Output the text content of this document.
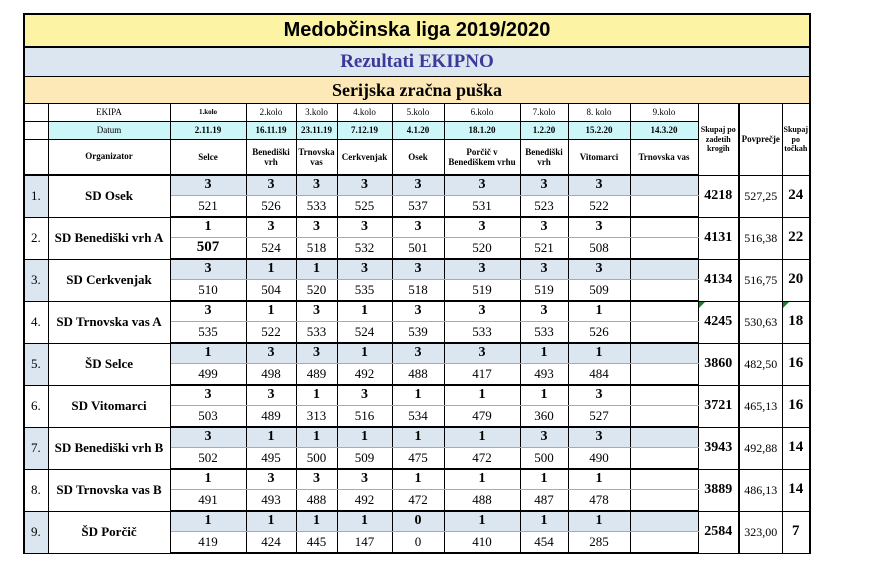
Medobčinska liga 2019/2020													
Rezultati EKIPNO													
Serijska zračna puška													
	EKIPA	1.kolo	2.kolo	3.kolo	4.kolo	5.kolo	6.kolo	7.kolo	8. kolo	9.kolo	Skupaj po zadetih krogih	Povprečje	Skupaj po točkah
	Datum	2.11.19	16.11.19	23.11.19	7.12.19	4.1.20	18.1.20	1.2.20	15.2.20	14.3.20			
	Organizator	Selce	Benediški vrh	Trnovska vas	Cerkvenjak	Osek	Porčič v Benediškem vrhu	Benediški vrh	Vitomarci	Trnovska vas			
1.	SD Osek	3	3	3	3	3	3	3	3		4218	527,25	24
		521	526	533	525	537	531	523	522				
2.	SD Benediški vrh A	1	3	3	3	3	3	3	3		4131	516,38	22
		507	524	518	532	501	520	521	508				
3.	SD Cerkvenjak	3	1	1	3	3	3	3	3		4134	516,75	20
		510	504	520	535	518	519	519	509				
4.	SD Trnovska vas A	3	1	3	1	3	3	3	1		4245	530,63	18
		535	522	533	524	539	533	533	526				
5.	ŠD Selce	1	3	3	1	3	3	1	1		3860	482,50	16
		499	498	489	492	488	417	493	484				
6.	SD Vitomarci	3	3	1	3	1	1	1	3		3721	465,13	16
		503	489	313	516	534	479	360	527				
7.	SD Benediški vrh B	3	1	1	1	1	1	3	3		3943	492,88	14
		502	495	500	509	475	472	500	490				
8.	SD Trnovska vas B	1	3	3	3	1	1	1	1		3889	486,13	14
		491	493	488	492	472	488	487	478				
9.	ŠD Porčič	1	1	1	1	0	1	1	1		2584	323,00	7
		419	424	445	147	0	410	454	285				
